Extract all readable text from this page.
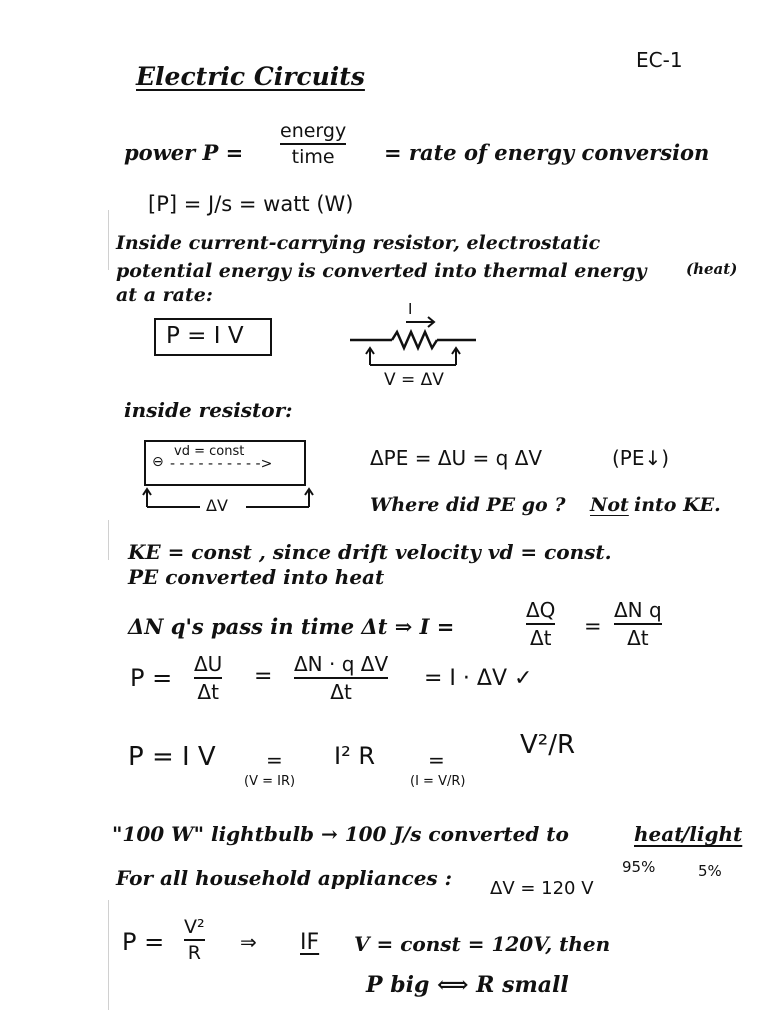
EC-1
Electric Circuits
power P =
energy
time = rate of energy conversion
[P] = J/s = watt (W)
Inside current-carrying resistor, electrostatic
potential energy is converted into thermal energy	(heat)
at a rate:
P = I V
I
V = ΔV
inside resistor:
⊖
vd = const
- - - - - - - - - ->
ΔV
ΔPE = ΔU = q ΔV	(PE↓)
Where did PE go ? Not into KE.
KE = const , since drift velocity vd = const.
PE converted into heat
ΔN q's pass in time Δt ⇒ I =
ΔQ
Δt =
ΔN q
Δt
P = ΔU
Δt
= ΔN · q ΔV
Δt
= I · ΔV ✓
P = I V	=
(V = IR)
I² R	=
(I = V/R)
V²/R
"100 W" lightbulb → 100 J/s converted to	heat
/light
95%	5%
For all household appliances : ΔV = 120 V
P =
V²
R ⇒ IF V = const = 120V, then
P big ⟺ R small
